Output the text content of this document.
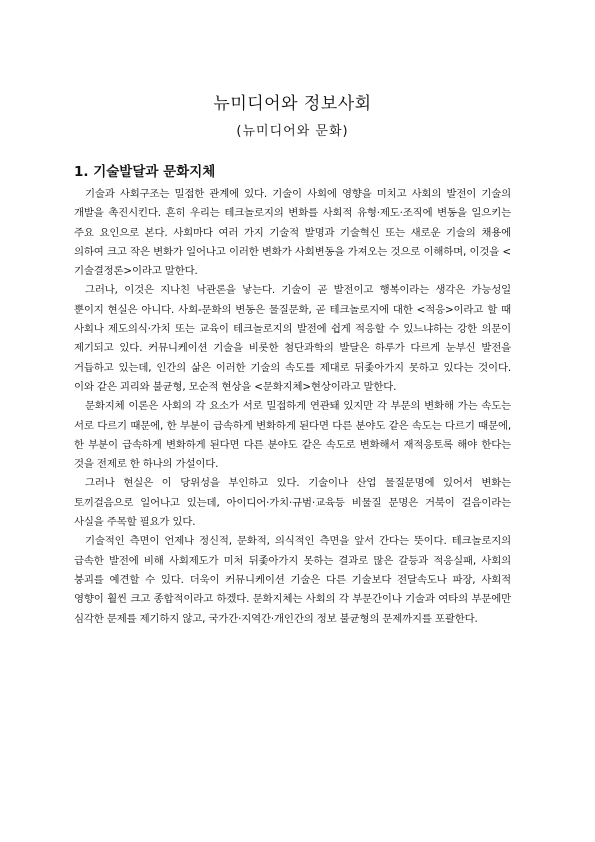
뉴미디어와 정보사회
(뉴미디어와 문화)
1. 기술발달과 문화지체

기술과 사회구조는 밀접한 관계에 있다. 기술이 사회에 영향을 미치고 사회의 발전이 기술의 개발을 촉진시킨다. 흔히 우리는 테크놀로지의 변화를 사회적 유형·제도·조직에 변동을 일으키는 주요 요인으로 본다. 사회마다 여러 가지 기술적 발명과 기술혁신 또는 새로운 기술의 채용에 의하여 크고 작은 변화가 일어나고 이러한 변화가 사회변동을 가져오는 것으로 이해하며, 이것을 <기술결정론>이라고 말한다.

그러나, 이것은 지나친 낙관론을 낳는다. 기술이 곧 발전이고 행복이라는 생각은 가능성일 뿐이지 현실은 아니다. 사회-문화의 변동은 물질문화, 곧 테크놀로지에 대한 <적응>이라고 할 때 사회나 제도의식·가치 또는 교육이 테크놀로지의 발전에 쉽게 적응할 수 있느냐하는 강한 의문이 제기되고 있다. 커뮤니케이션 기술을 비롯한 첨단과학의 발달은 하루가 다르게 눈부신 발전을 거듭하고 있는데, 인간의 삶은 이러한 기술의 속도를 제대로 뒤좇아가지 못하고 있다는 것이다. 이와 같은 괴리와 불균형, 모순적 현상을 <문화지체>현상이라고 말한다.

문화지체 이론은 사회의 각 요소가 서로 밀접하게 연관돼 있지만 각 부문의 변화해 가는 속도는 서로 다르기 때문에, 한 부분이 급속하게 변화하게 된다면 다른 분야도 같은 속도는 다르기 때문에, 한 부분이 급속하게 변화하게 된다면 다른 분야도 같은 속도로 변화해서 재적응토록 해야 한다는 것을 전제로 한 하나의 가설이다.

그러나 현실은 이 당위성을 부인하고 있다. 기술이나 산업 물질문명에 있어서 변화는 토끼걸음으로 일어나고 있는데, 아이디어·가치·규범·교육등 비물질 문명은 거북이 걸음이라는 사실을 주목할 필요가 있다.

기술적인 측면이 언제나 정신적, 문화적, 의식적인 측면을 앞서 간다는 뜻이다. 테크놀로지의 급속한 발전에 비해 사회제도가 미처 뒤좇아가지 못하는 결과로 많은 갈등과 적응실패, 사회의 붕괴를 예견할 수 있다. 더욱이 커뮤니케이션 기술은 다른 기술보다 전달속도나 파장, 사회적 영향이 훨씬 크고 종합적이라고 하겠다. 문화지체는 사회의 각 부문간이나 기술과 여타의 부문에만 심각한 문제를 제기하지 않고, 국가간·지역간·개인간의 정보 불균형의 문제까지를 포괄한다.
